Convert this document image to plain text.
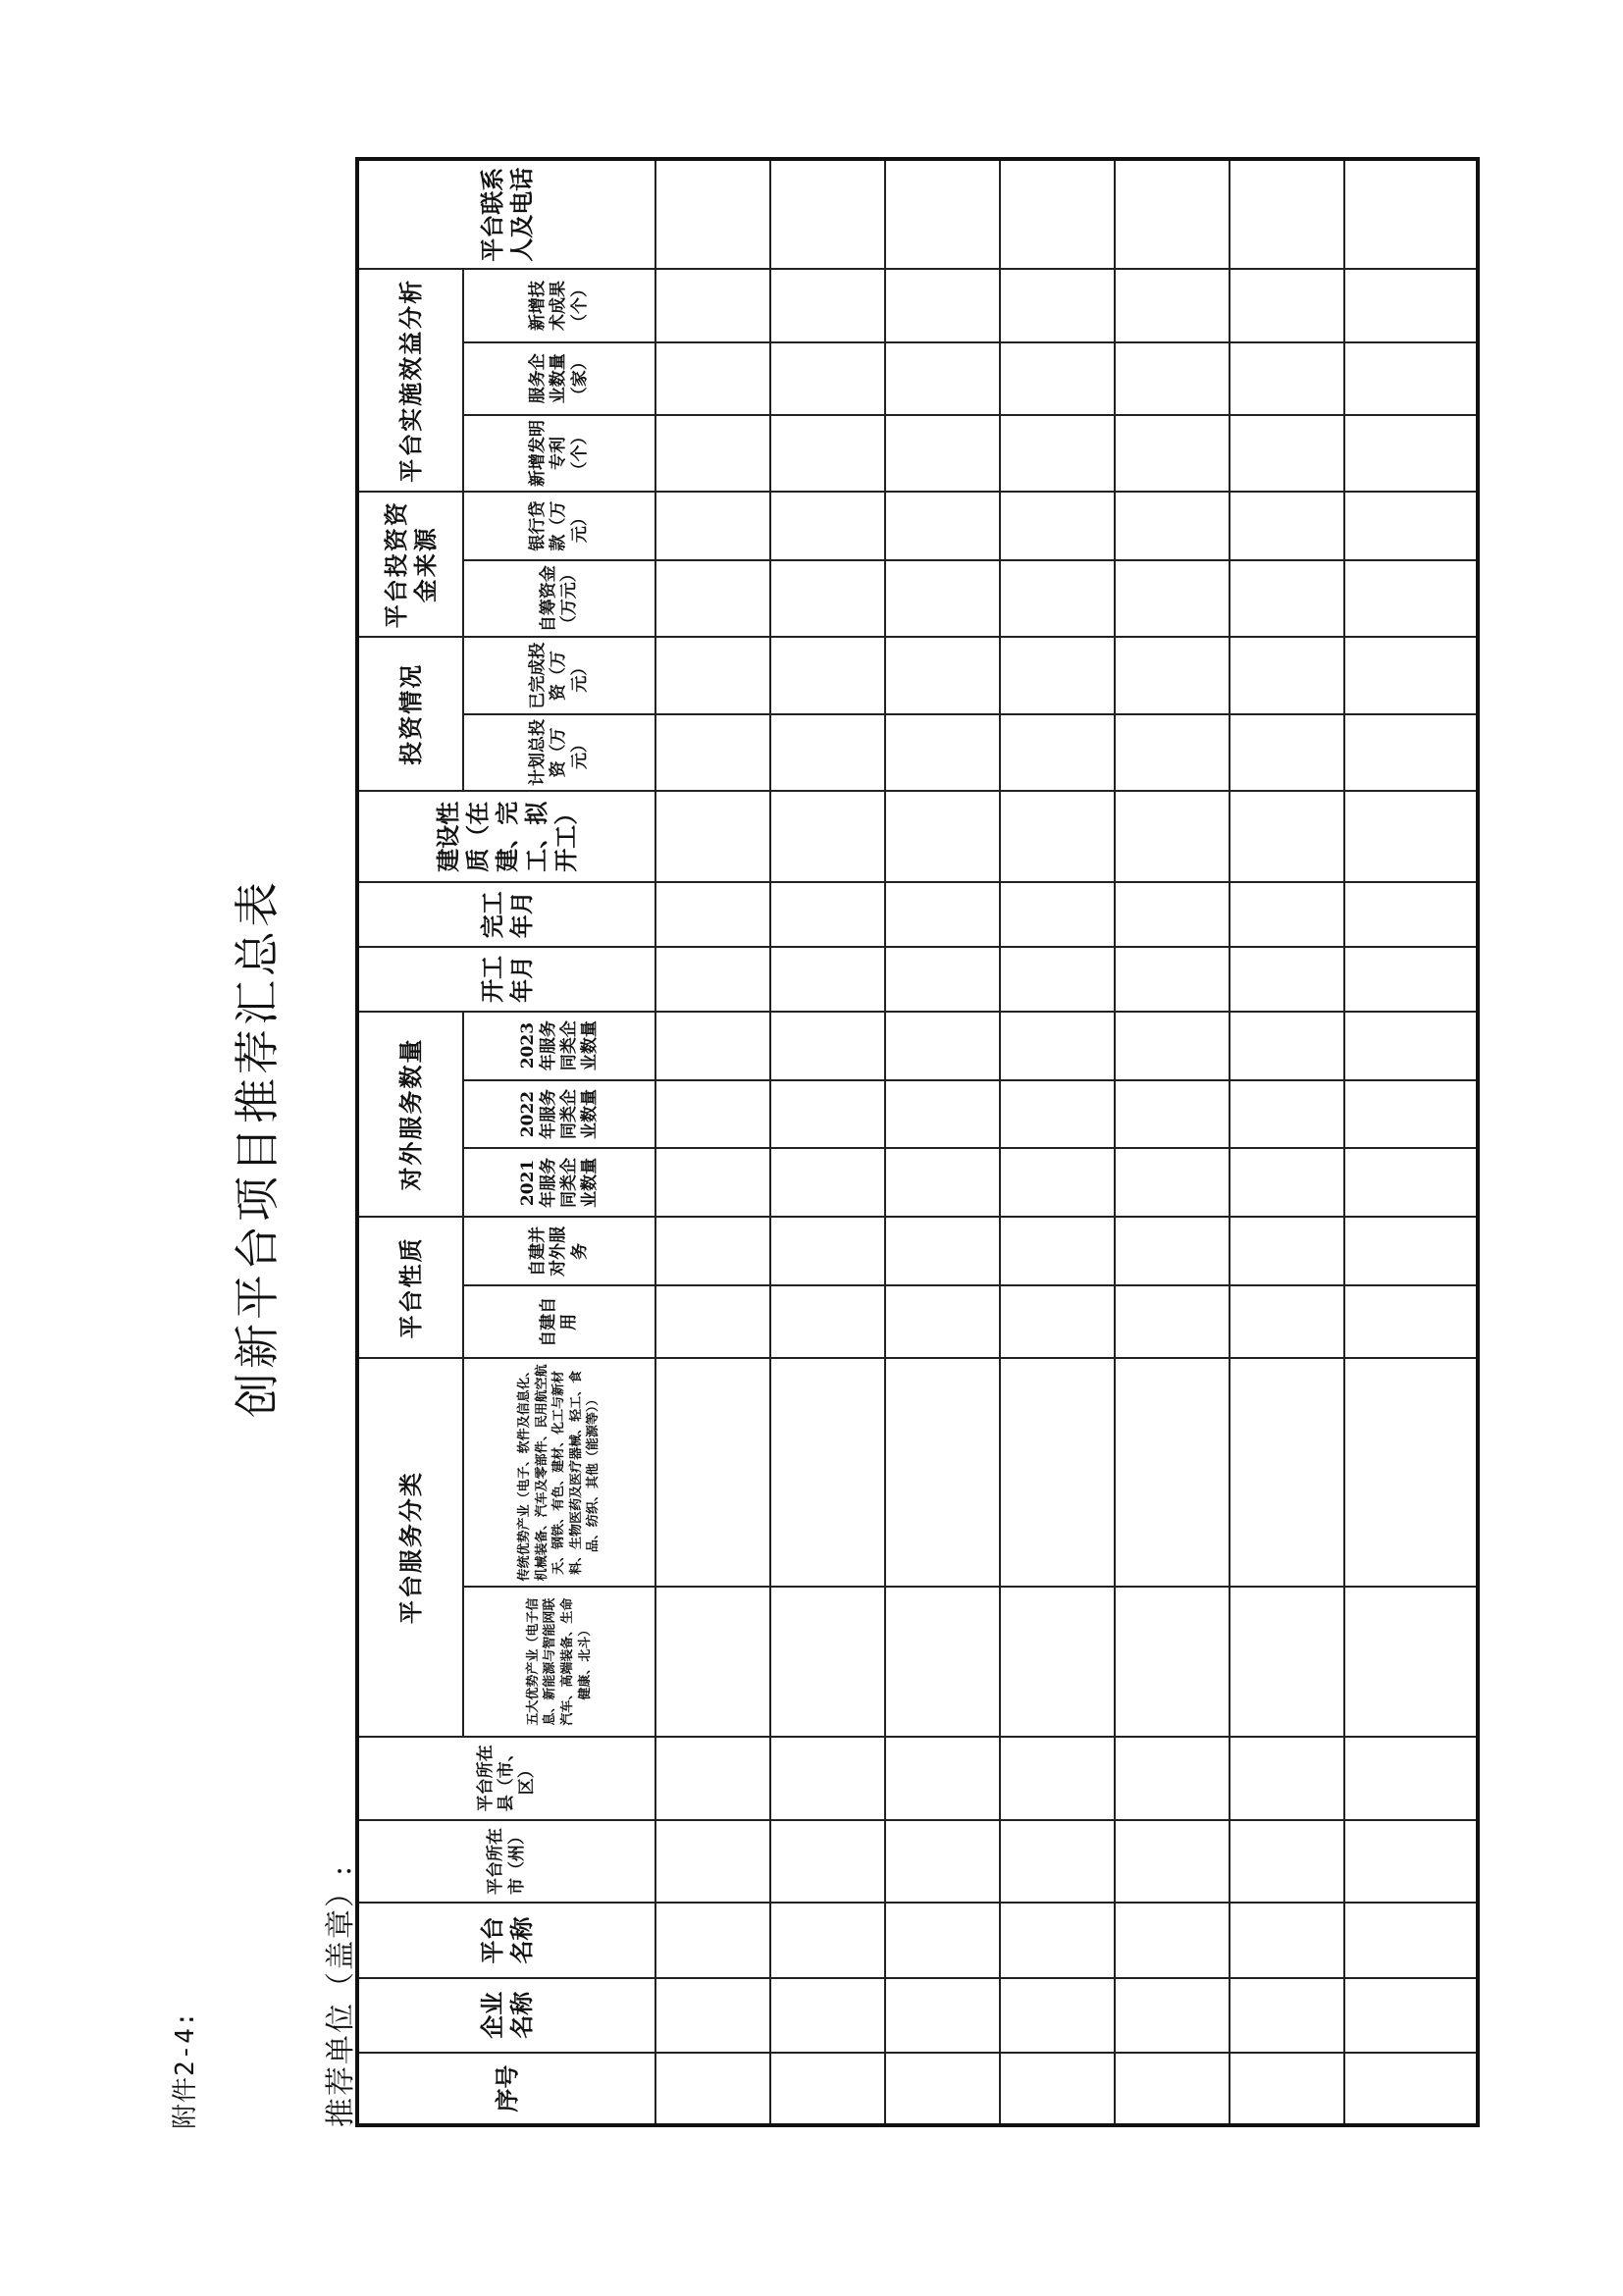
附件2-4:
创新平台项目推荐汇总表
推荐单位（盖章）:	序号	企业名称	平台名称	平台所在市（州）	平台所在县（市、区）	平台服务分类		平台性质		对外服务数量			开工年月	完工年月	建设性质（在建、完工、拟开工）	投资情况		平台投资资金来源		平台实施效益分析			平台联系人及电话
					五大优势产业（电子信息、新能源与智能网联汽车、高端装备、生命健康、北斗）	传统优势产业（电子、软件及信息化、机械装备、汽车及零部件、民用航空航天、钢铁、有色、建材、化工与新材料、生物医药及医疗器械、轻工、食品、纺织、其他（能源等））	自建自用	自建并对外服务	2021年服务同类企业数量	2022年服务同类企业数量	2023年服务同类企业数量				计划总投资（万元）	已完成投资（万元）	自筹资金（万元）	银行贷款（万元）	新增发明专利（个）	服务企业数量（家）	新增技术成果（个）	
